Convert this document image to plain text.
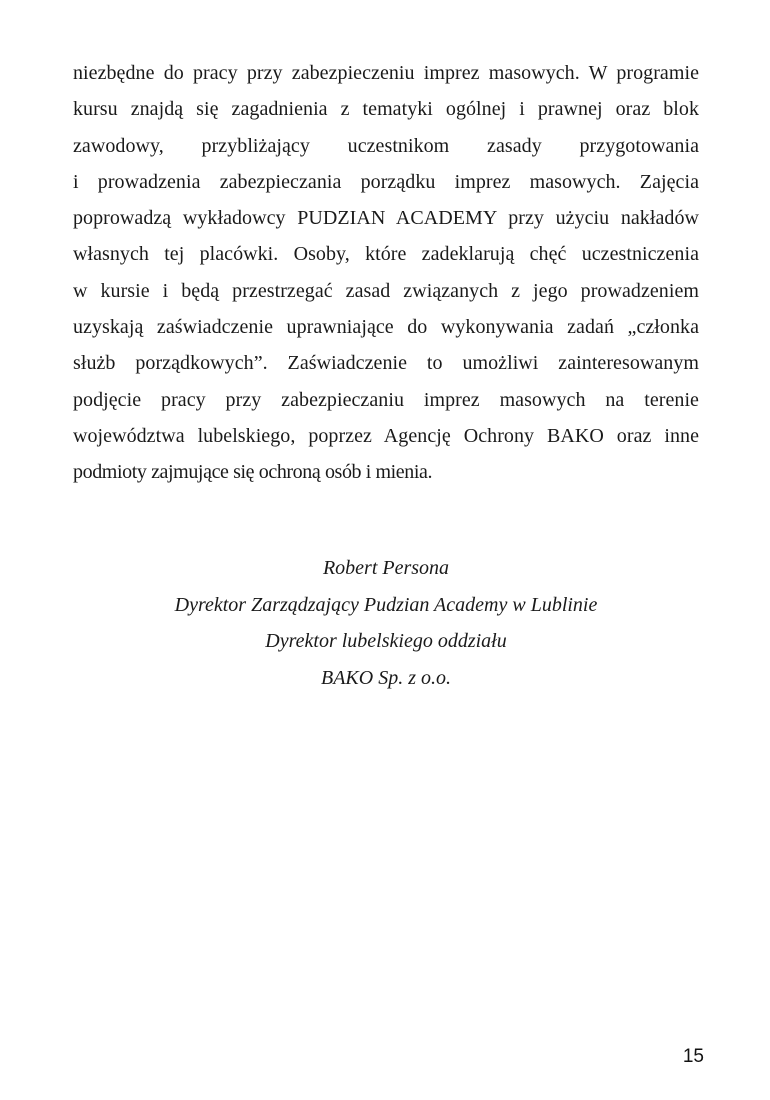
niezbędne do pracy przy zabezpieczeniu imprez masowych. W programie
kursu znajdą się zagadnienia z tematyki ogólnej i prawnej oraz blok
zawodowy, przybliżający uczestnikom zasady przygotowania
i prowadzenia zabezpieczania porządku imprez masowych. Zajęcia
poprowadzą wykładowcy PUDZIAN ACADEMY przy użyciu nakładów
własnych tej placówki. Osoby, które zadeklarują chęć uczestniczenia
w kursie i będą przestrzegać zasad związanych z jego prowadzeniem
uzyskają zaświadczenie uprawniające do wykonywania zadań „członka
służb porządkowych”. Zaświadczenie to umożliwi zainteresowanym
podjęcie pracy przy zabezpieczaniu imprez masowych na terenie
województwa lubelskiego, poprzez Agencję Ochrony BAKO oraz inne
podmioty zajmujące się ochroną osób i mienia.
Robert Persona
Dyrektor Zarządzający Pudzian Academy w Lublinie
Dyrektor lubelskiego oddziału
BAKO Sp. z o.o.
15
